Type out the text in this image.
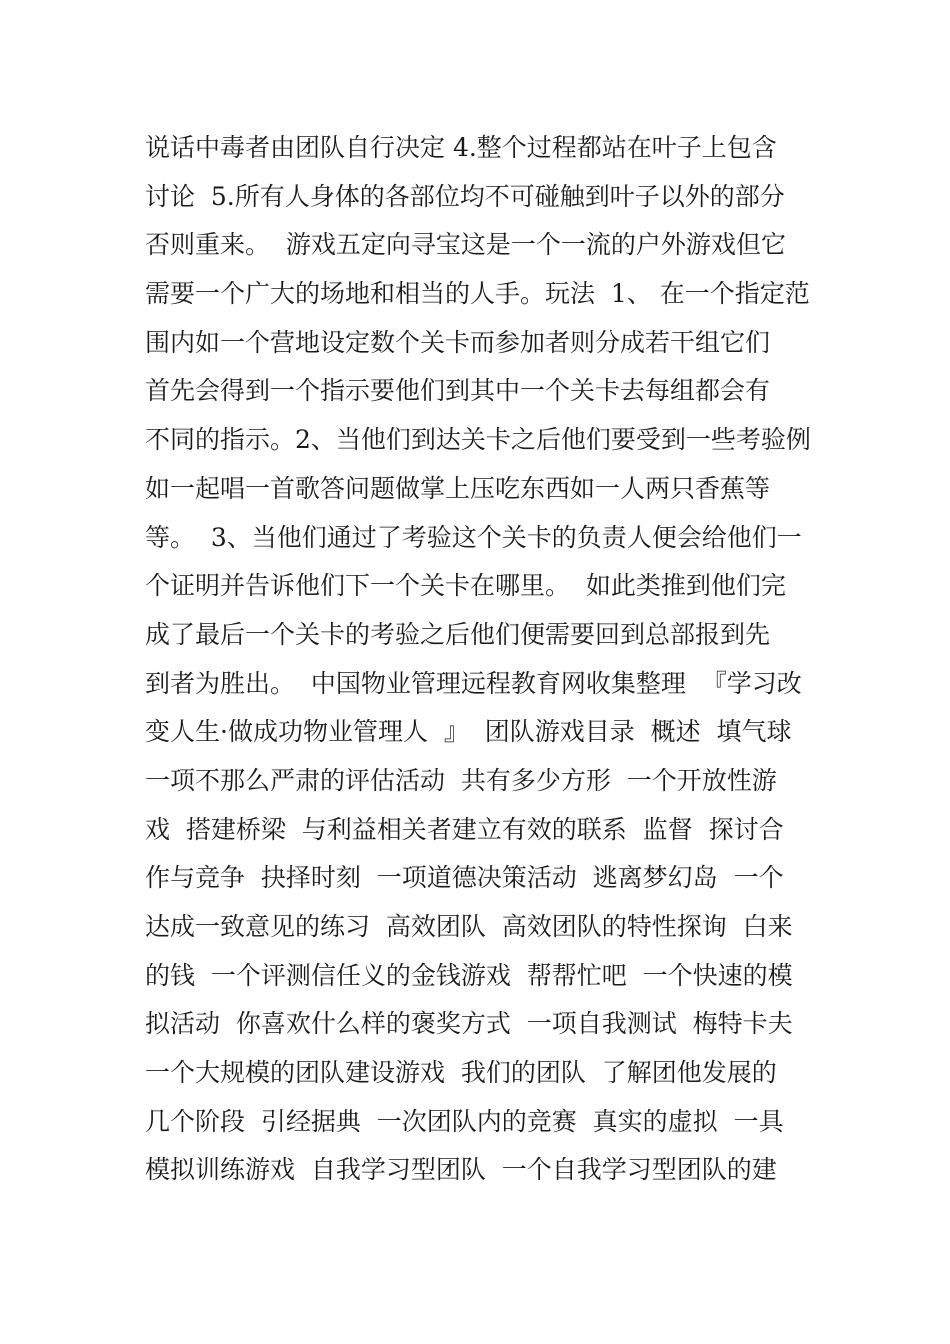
说话中毒者由团队自行决定 4.整个过程都站在叶子上包含
讨论  5.所有人身体的各部位均不可碰触到叶子以外的部分
否则重来。  游戏五定向寻宝这是一个一流的户外游戏但它
需要一个广大的场地和相当的人手。玩法  1、 在一个指定范
围内如一个营地设定数个关卡而参加者则分成若干组它们
首先会得到一个指示要他们到其中一个关卡去每组都会有
不同的指示。2、当他们到达关卡之后他们要受到一些考验例
如一起唱一首歌答问题做掌上压吃东西如一人两只香蕉等
等。  3、当他们通过了考验这个关卡的负责人便会给他们一
个证明并告诉他们下一个关卡在哪里。  如此类推到他们完
成了最后一个关卡的考验之后他们便需要回到总部报到先
到者为胜出。  中国物业管理远程教育网收集整理  『学习改
变人生·做成功物业管理人  』  团队游戏目录  概述  填气球
一项不那么严肃的评估活动  共有多少方形  一个开放性游
戏  搭建桥梁  与利益相关者建立有效的联系  监督  探讨合
作与竞争  抉择时刻  一项道德决策活动  逃离梦幻岛  一个
达成一致意见的练习  高效团队  高效团队的特性探询  白来
的钱  一个评测信任义的金钱游戏  帮帮忙吧  一个快速的模
拟活动  你喜欢什么样的褒奖方式  一项自我测试  梅特卡夫
一个大规模的团队建设游戏  我们的团队  了解团他发展的
几个阶段  引经据典  一次团队内的竞赛  真实的虚拟  一具
模拟训练游戏  自我学习型团队  一个自我学习型团队的建
